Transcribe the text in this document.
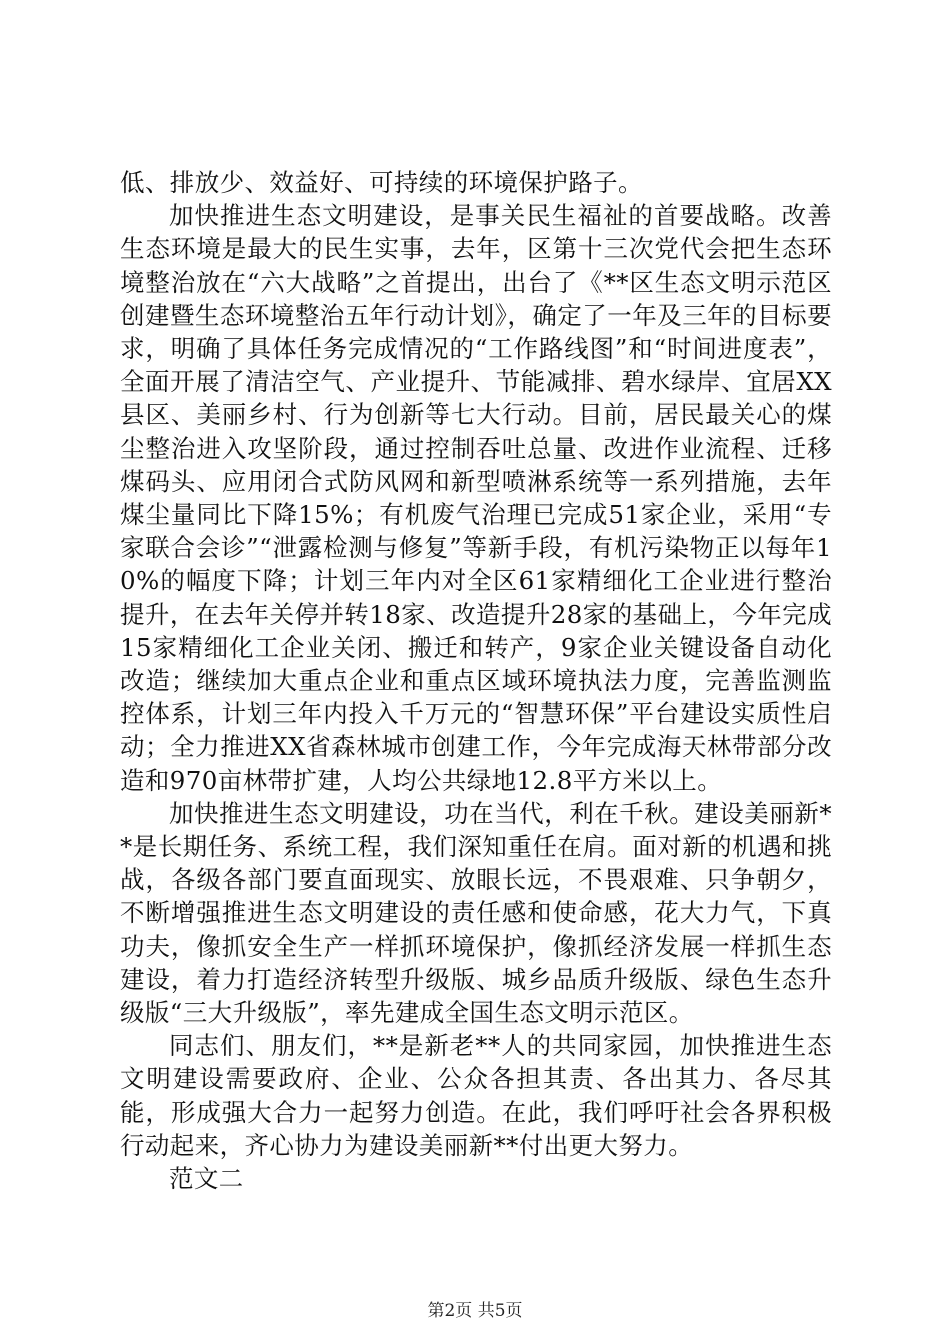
低、排放少、效益好、可持续的环境保护路子。

加快推进生态文明建设，是事关民生福祉的首要战略。改善生态环境是最大的民生实事，去年，区第十三次党代会把生态环境整治放在“六大战略”之首提出，出台了《**区生态文明示范区创建暨生态环境整治五年行动计划》，确定了一年及三年的目标要求，明确了具体任务完成情况的“工作路线图”和“时间进度表”，全面开展了清洁空气、产业提升、节能减排、碧水绿岸、宜居XX县区、美丽乡村、行为创新等七大行动。目前，居民最关心的煤尘整治进入攻坚阶段，通过控制吞吐总量、改进作业流程、迁移煤码头、应用闭合式防风网和新型喷淋系统等一系列措施，去年煤尘量同比下降15%；有机废气治理已完成51家企业，采用“专家联合会诊”“泄露检测与修复”等新手段，有机污染物正以每年10%的幅度下降；计划三年内对全区61家精细化工企业进行整治提升，在去年关停并转18家、改造提升28家的基础上，今年完成15家精细化工企业关闭、搬迁和转产，9家企业关键设备自动化改造；继续加大重点企业和重点区域环境执法力度，完善监测监控体系，计划三年内投入千万元的“智慧环保”平台建设实质性启动；全力推进XX省森林城市创建工作，今年完成海天林带部分改造和970亩林带扩建，人均公共绿地12.8平方米以上。

加快推进生态文明建设，功在当代，利在千秋。建设美丽新**是长期任务、系统工程，我们深知重任在肩。面对新的机遇和挑战，各级各部门要直面现实、放眼长远，不畏艰难、只争朝夕，不断增强推进生态文明建设的责任感和使命感，花大力气，下真功夫，像抓安全生产一样抓环境保护，像抓经济发展一样抓生态建设，着力打造经济转型升级版、城乡品质升级版、绿色生态升级版“三大升级版”，率先建成全国生态文明示范区。

同志们、朋友们，**是新老**人的共同家园，加快推进生态文明建设需要政府、企业、公众各担其责、各出其力、各尽其能，形成强大合力一起努力创造。在此，我们呼吁社会各界积极行动起来，齐心协力为建设美丽新**付出更大努力。

范文二

第2页 共5页
